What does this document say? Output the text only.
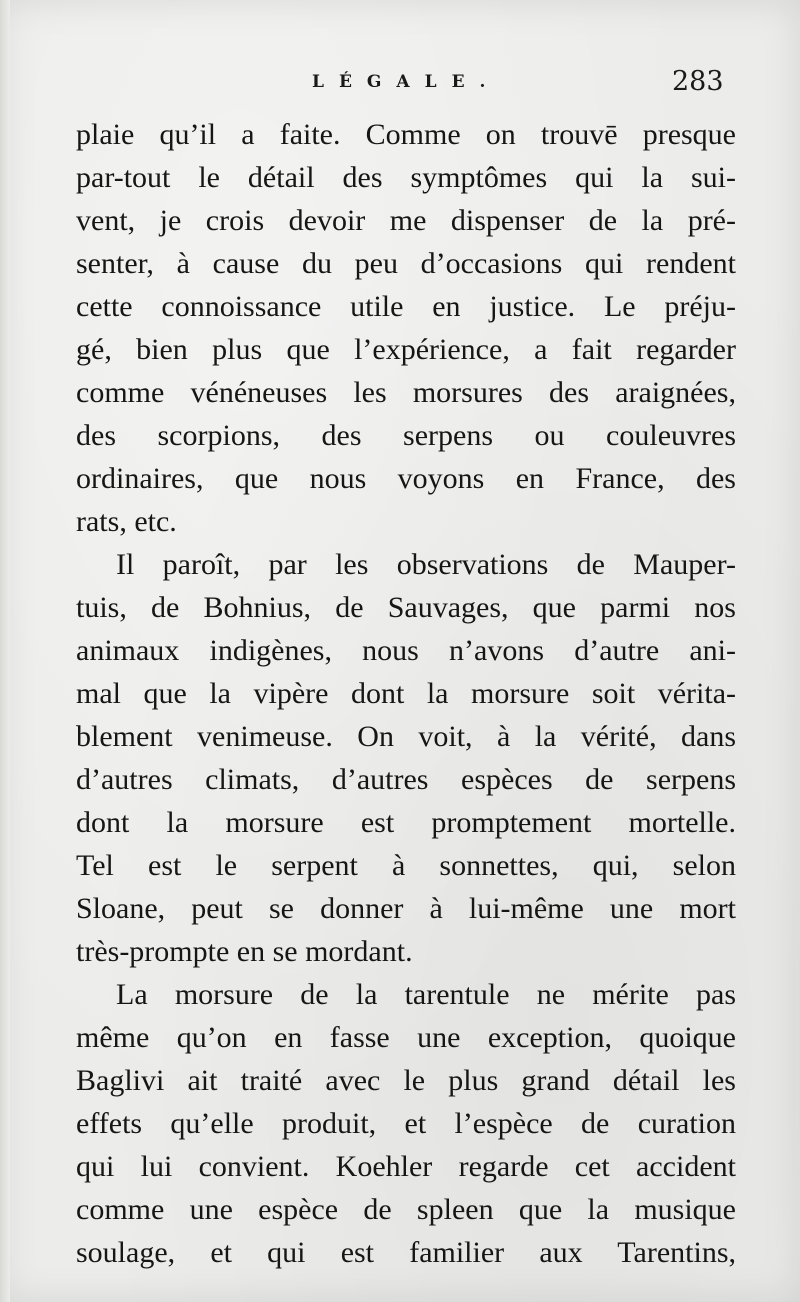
LÉGALE.	283
plaie qu’il a faite. Comme on trouvē presque
par-tout le détail des symptômes qui la sui-
vent, je crois devoir me dispenser de la pré-
senter, à cause du peu d’occasions qui rendent
cette connoissance utile en justice. Le préju-
gé, bien plus que l’expérience, a fait regarder
comme vénéneuses les morsures des araignées,
des scorpions, des serpens ou couleuvres
ordinaires, que nous voyons en France, des
rats, etc.
Il paroît, par les observations de Mauper-
tuis, de Bohnius, de Sauvages, que parmi nos
animaux indigènes, nous n’avons d’autre ani-
mal que la vipère dont la morsure soit vérita-
blement venimeuse. On voit, à la vérité, dans
d’autres climats, d’autres espèces de serpens
dont la morsure est promptement mortelle.
Tel est le serpent à sonnettes, qui, selon
Sloane, peut se donner à lui-même une mort
très-prompte en se mordant.
La morsure de la tarentule ne mérite pas
même qu’on en fasse une exception, quoique
Baglivi ait traité avec le plus grand détail les
effets qu’elle produit, et l’espèce de curation
qui lui convient. Koehler regarde cet accident
comme une espèce de spleen que la musique
soulage, et qui est familier aux Tarentins,
